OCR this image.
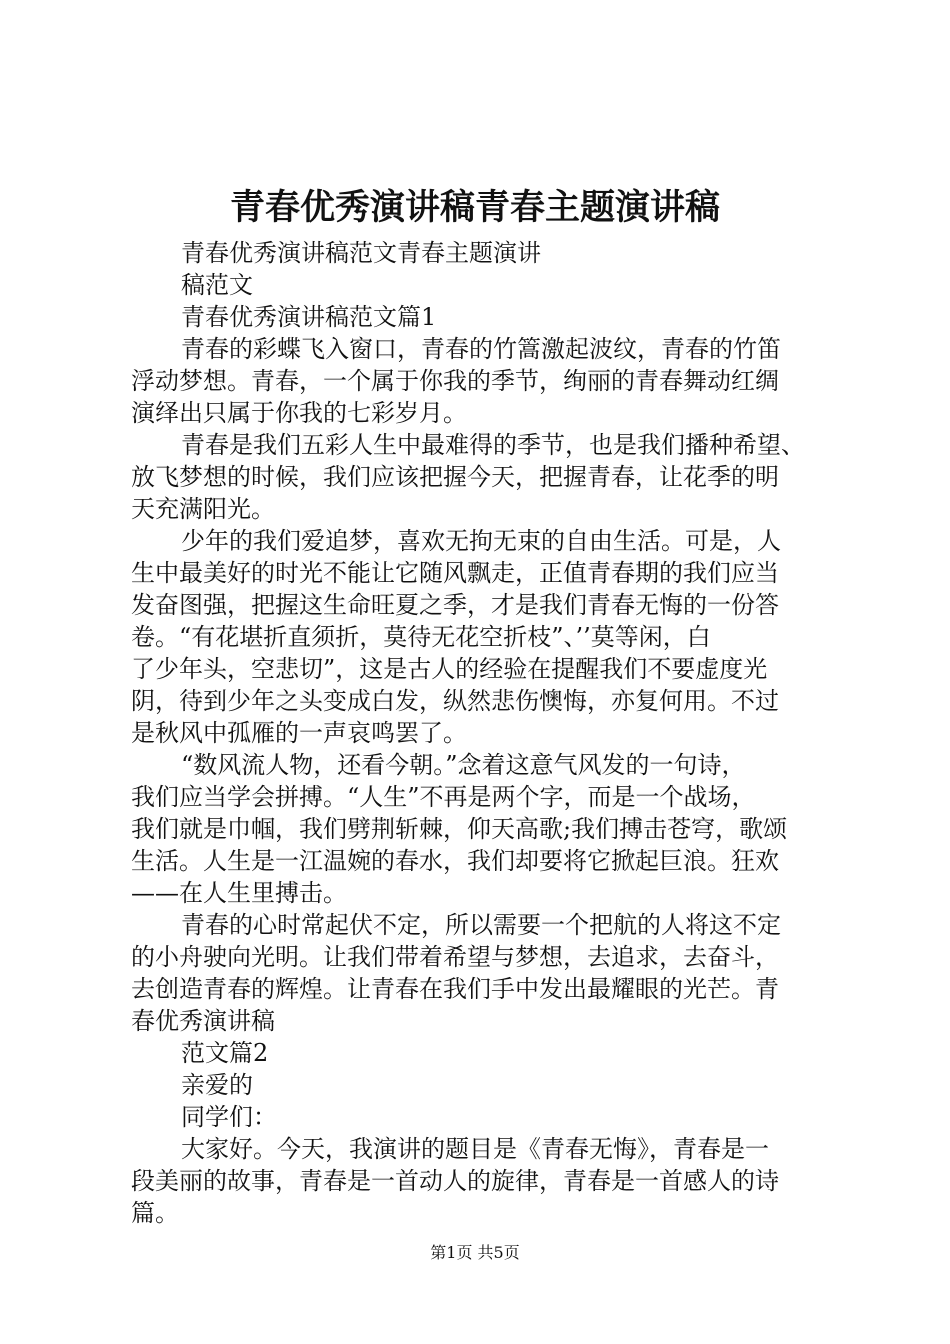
青春优秀演讲稿青春主题演讲稿

青春优秀演讲稿范文青春主题演讲
稿范文

青春优秀演讲稿范文篇1

青春的彩蝶飞入窗口，青春的竹篙激起波纹，青春的竹笛
浮动梦想。青春，一个属于你我的季节，绚丽的青春舞动红绸
演绎出只属于你我的七彩岁月。

青春是我们五彩人生中最难得的季节，也是我们播种希望、
放飞梦想的时候，我们应该把握今天，把握青春，让花季的明
天充满阳光。

少年的我们爱追梦，喜欢无拘无束的自由生活。可是，人
生中最美好的时光不能让它随风飘走，正值青春期的我们应当
发奋图强，把握这生命旺夏之季，才是我们青春无悔的一份答
卷。“有花堪折直须折，莫待无花空折枝”、’’莫等闲，白
了少年头，空悲切”，这是古人的经验在提醒我们不要虚度光
阴，待到少年之头变成白发，纵然悲伤懊悔，亦复何用。不过
是秋风中孤雁的一声哀鸣罢了。

“数风流人物，还看今朝。”念着这意气风发的一句诗，
我们应当学会拼搏。“人生”不再是两个字，而是一个战场，
我们就是巾帼，我们劈荆斩棘，仰天高歌;我们搏击苍穹，歌颂
生活。人生是一江温婉的春水，我们却要将它掀起巨浪。狂欢
——在人生里搏击。

青春的心时常起伏不定，所以需要一个把航的人将这不定
的小舟驶向光明。让我们带着希望与梦想，去追求，去奋斗，
去创造青春的辉煌。让青春在我们手中发出最耀眼的光芒。青
春优秀演讲稿

范文篇2

亲爱的

同学们：

大家好。今天，我演讲的题目是《青春无悔》，青春是一
段美丽的故事，青春是一首动人的旋律，青春是一首感人的诗
篇。

第1页 共5页
